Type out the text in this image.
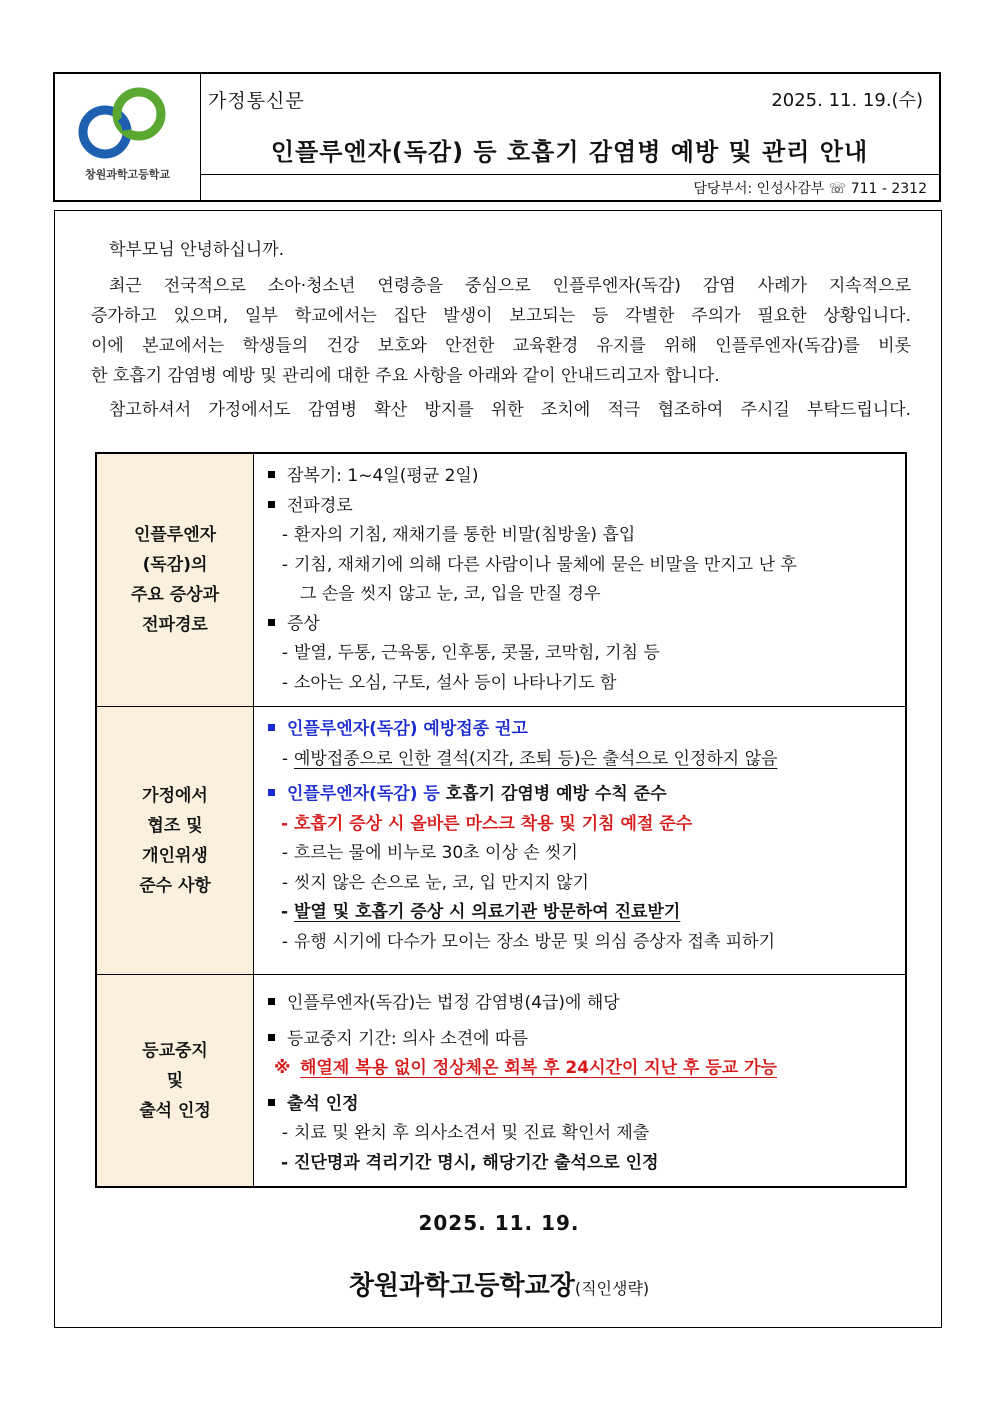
창원과학고등학교
가정통신문	2025. 11. 19.(수)
인플루엔자(독감) 등 호흡기 감염병 예방 및 관리 안내
담당부서: 인성사감부 ☏ 711 - 2312
학부모님 안녕하십니까.
최근 전국적으로 소아·청소년 연령층을 중심으로 인플루엔자(독감) 감염 사례가 지속적으로
증가하고 있으며, 일부 학교에서는 집단 발생이 보고되는 등 각별한 주의가 필요한 상황입니다.
이에 본교에서는 학생들의 건강 보호와 안전한 교육환경 유지를 위해 인플루엔자(독감)를 비롯
한 호흡기 감염병 예방 및 관리에 대한 주요 사항을 아래와 같이 안내드리고자 합니다.
참고하셔서 가정에서도 감염병 확산 방지를 위한 조치에 적극 협조하여 주시길 부탁드립니다.
인플루엔자
(독감)의
주요 증상과
전파경로
잠복기: 1~4일(평균 2일)
전파경로
- 환자의 기침, 재채기를 통한 비말(침방울) 흡입
- 기침, 재채기에 의해 다른 사람이나 물체에 묻은 비말을 만지고 난 후
그 손을 씻지 않고 눈, 코, 입을 만질 경우
증상
- 발열, 두통, 근육통, 인후통, 콧물, 코막힘, 기침 등
- 소아는 오심, 구토, 설사 등이 나타나기도 함
가정에서
협조 및
개인위생
준수 사항
인플루엔자(독감) 예방접종 권고
- 예방접종으로 인한 결석(지각, 조퇴 등)은 출석으로 인정하지 않음
인플루엔자(독감) 등 호흡기 감염병 예방 수칙 준수
- 호흡기 증상 시 올바른 마스크 착용 및 기침 예절 준수
- 흐르는 물에 비누로 30초 이상 손 씻기
- 씻지 않은 손으로 눈, 코, 입 만지지 않기
- 발열 및 호흡기 증상 시 의료기관 방문하여 진료받기
- 유행 시기에 다수가 모이는 장소 방문 및 의심 증상자 접촉 피하기
등교중지
및
출석 인정
인플루엔자(독감)는 법정 감염병(4급)에 해당
등교중지 기간: 의사 소견에 따름
※ 해열제 복용 없이 정상체온 회복 후 24시간이 지난 후 등교 가능
출석 인정
- 치료 및 완치 후 의사소견서 및 진료 확인서 제출
- 진단명과 격리기간 명시, 해당기간 출석으로 인정
2025. 11. 19.
창원과학고등학교장(직인생략)
